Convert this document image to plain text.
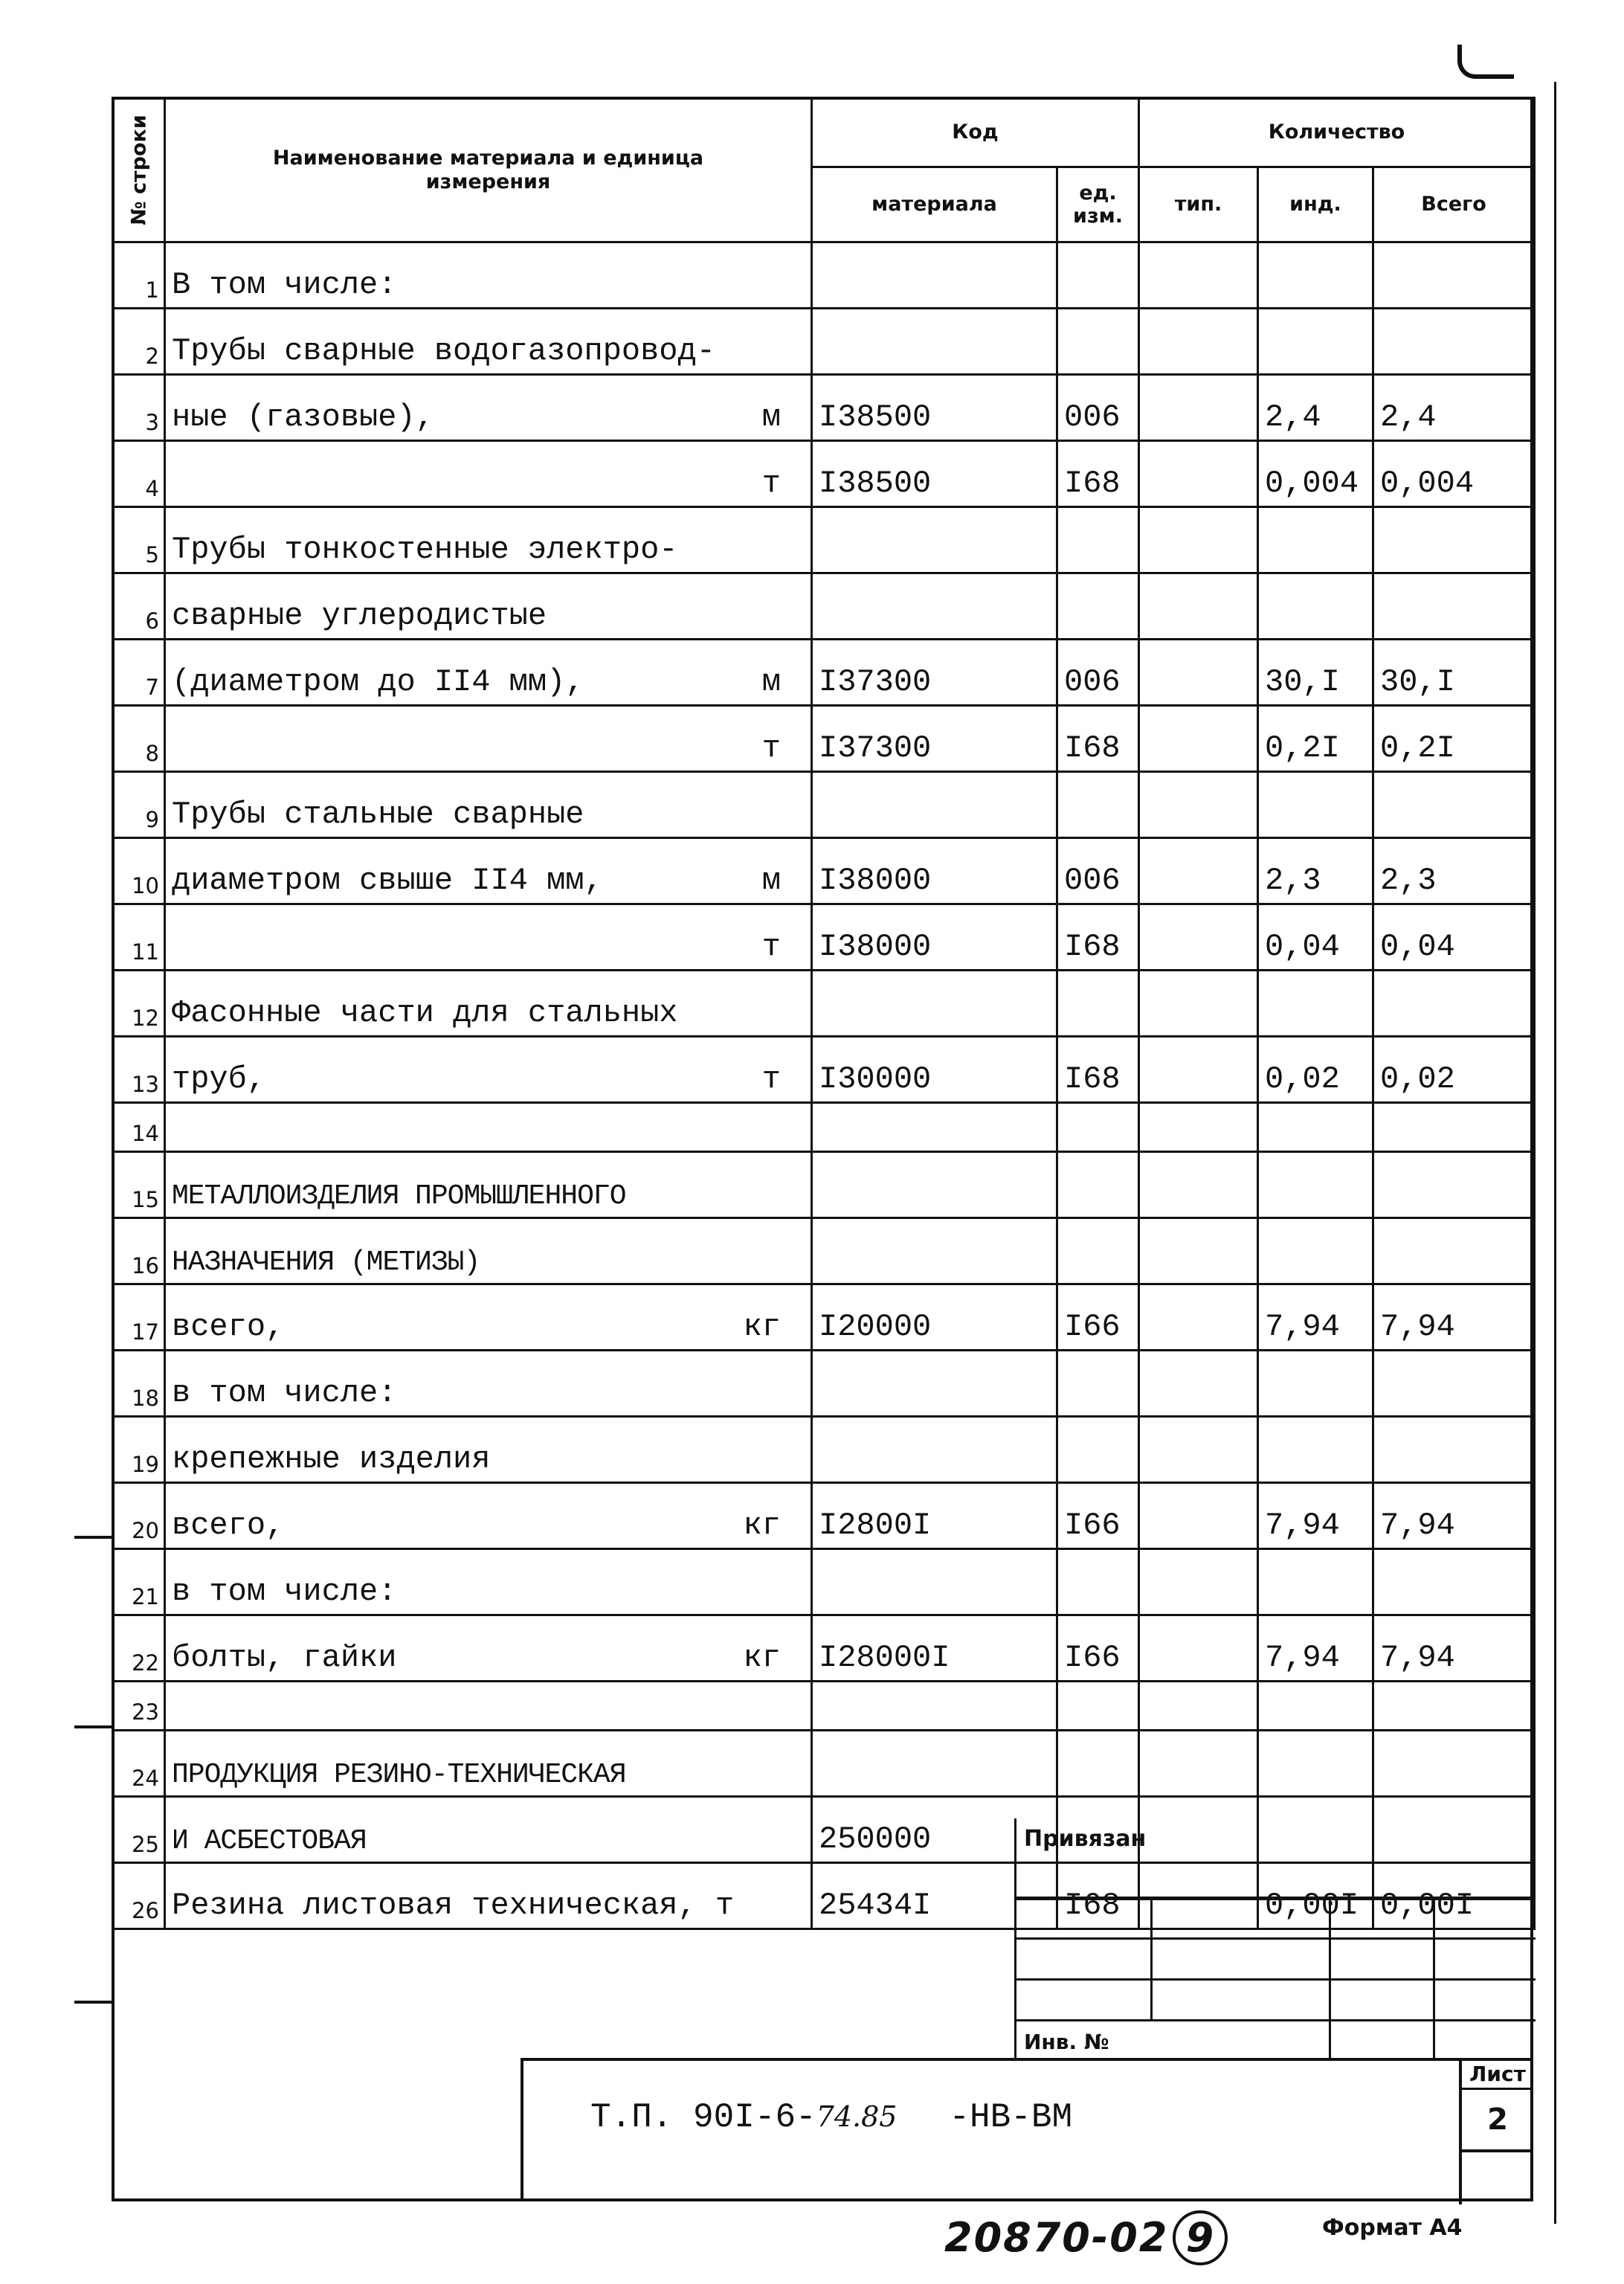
№ строки	Наименование материала и единица измерения	Код		Количество		
		материала	ед. изм.	тип.	инд.	Всего
1	В том числе:

2	Трубы сварные водогазопровод-

3	ные (газовые), м	I38500	006		2,4	2,4
4	т	I38500	I68		0,004	0,004
5	Трубы тонкостенные электро-

6	сварные углеродистые

7	(диаметром до II4 мм), м	I37300	006		30,I	30,I
8	т	I37300	I68		0,2I	0,2I
9	Трубы стальные сварные

10	диаметром свыше II4 мм, м	I38000	006		2,3	2,3
11	т	I38000	I68		0,04	0,04
12	Фасонные части для стальных

13	труб, т	I30000	I68		0,02	0,02
14	

15	МЕТАЛЛОИЗДЕЛИЯ ПРОМЫШЛЕННОГО

16	НАЗНАЧЕНИЯ (МЕТИЗЫ)

17	всего, кг	I20000	I66		7,94	7,94
18	в том числе:

19	крепежные изделия

20	всего, кг	I2800I	I66		7,94	7,94
21	в том числе:

22	болты, гайки кг	I28000I	I66		7,94	7,94
23	

24	ПРОДУКЦИЯ РЕЗИНО-ТЕХНИЧЕСКАЯ

25	И АСБЕСТОВАЯ	250000				
26	Резина листовая техническая, т	25434I	I68		0,00I	0,00I
Привязан
Инв. №
Т.П. 90I-6-74.85 -НВ-ВМ
Лист
2
20870-02 9	Формат А4
